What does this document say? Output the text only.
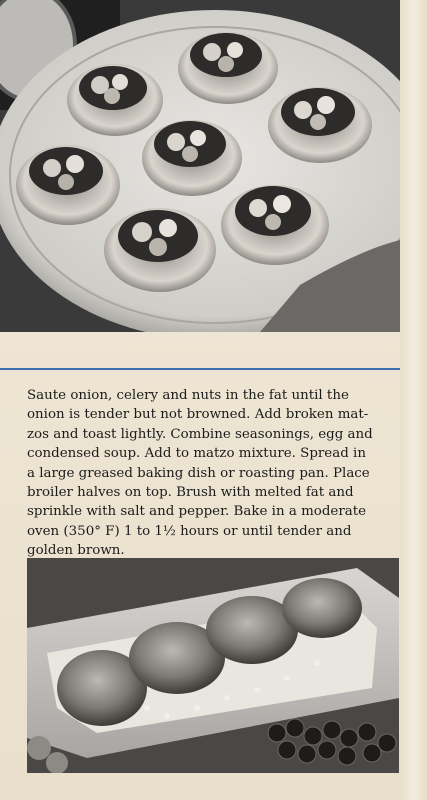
Saute onion, celery and nuts in the fat until the
onion is tender but not browned. Add broken mat-
zos and toast lightly. Combine seasonings, egg and
condensed soup. Add to matzo mixture. Spread in
a large greased baking dish or roasting pan. Place
broiler halves on top. Brush with melted fat and
sprinkle with salt and pepper. Bake in a moderate
oven (350° F) 1 to 1½ hours or until tender and
golden brown.
